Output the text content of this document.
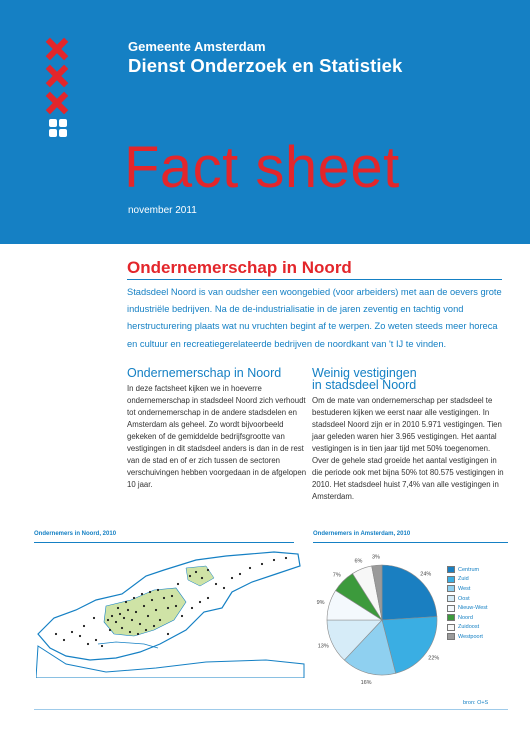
Gemeente Amsterdam
Dienst Onderzoek en Statistiek
Fact sheet
november 2011
Ondernemerschap in Noord
Stadsdeel Noord is van oudsher een woongebied (voor arbeiders) met aan de oevers grote industriële bedrijven. Na de de-industrialisatie in de jaren zeventig en tachtig vond herstructurering plaats wat nu vruchten begint af te werpen. Zo weten steeds meer horeca en cultuur en recreatiegerelateerde bedrijven de noordkant van 't IJ te vinden.
Ondernemerschap in Noord

In deze factsheet kijken we in hoeverre ondernemerschap in stadsdeel Noord zich verhoudt tot ondernemerschap in de andere stadsdelen en Amsterdam als geheel. Zo wordt bijvoorbeeld gekeken of de gemiddelde bedrijfsgrootte van vestigingen in dit stadsdeel anders is dan in de rest van de stad en of er zich tussen de sectoren verschuivingen hebben voorgedaan in de afgelopen 10 jaar.

Weinig vestigingen
in stadsdeel Noord

Om de mate van ondernemerschap per stadsdeel te bestuderen kijken we eerst naar alle vestigingen. In stadsdeel Noord zijn er in 2010 5.971 vestigingen. Tien jaar geleden waren hier 3.965 vestigingen. Het aantal vestigingen is in tien jaar tijd met 50% toegenomen. Over de gehele stad groeide het aantal vestigingen in die periode ook met bijna 50% tot 80.575 vestigingen in 2010. Het stadsdeel huist 7,4% van alle vestigingen in Amsterdam.

Ondernemers in Noord, 2010	Ondernemers in Amsterdam, 2010
24%
22%
16%
13%
9%
7%
6%
3%
Centrum
Zuid
West
Oost
Nieuw-West
Noord
Zuidoost
Westpoort
bron: O+S
